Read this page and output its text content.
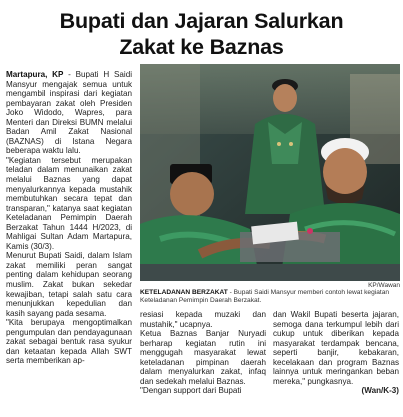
Bupati dan Jajaran Salurkan
Zakat ke Baznas

Martapura, KP - Bupati H Saidi Mansyur mengajak semua untuk mengambil inspirasi dari kegiatan pembayaran zakat oleh Presiden Joko Widodo, Wapres, para Menteri dan Direksi BUMN melalui Badan Amil Zakat Nasional (BAZNAS) di Istana Negara beberapa waktu lalu.

"Kegiatan tersebut merupakan teladan dalam menunaikan zakat melalui Baznas yang dapat menyalurkannya kepada mustahik membutuhkan secara tepat dan transparan," katanya saat kegiatan Keteladanan Pemimpin Daerah Berzakat Tahun 1444 H/2023, di Mahligai Sultan Adam Martapura, Kamis (30/3).

Menurut Bupati Saidi, dalam Islam zakat memiliki peran sangat penting dalam kehidupan seorang muslim. Zakat bukan sekedar kewajiban, tetapi salah satu cara menunjukkan kepedulian dan kasih sayang pada sesama.

"Kita berupaya mengoptimalkan pengumpulan dan pendayagunaan zakat sebagai bentuk rasa syukur dan ketaatan kepada Allah SWT serta memberikan ap-

KP/Wawan
KETELADANAN BERZAKAT - Bupati Saidi Mansyur memberi contoh lewat kegiatan Keteladanan Pemimpin Daerah Berzakat.

resiasi kepada muzaki dan mustahik," ucapnya.

Ketua Baznas Banjar Nuryadi berharap kegiatan rutin ini menggugah masyarakat lewat keteladanan pimpinan daerah dalam menyalurkan zakat, infaq dan sedekah melalui Baznas.

"Dengan support dari Bupati

dan Wakil Bupati beserta jajaran, semoga dana terkumpul lebih dari cukup untuk diberikan kepada masyarakat terdampak bencana, seperti banjir, kebakaran, kecelakaan dan program Baznas lainnya untuk meringankan beban mereka," pungkasnya.

(Wan/K-3)
